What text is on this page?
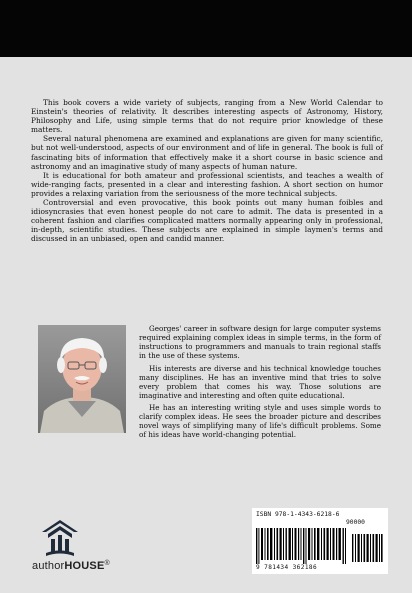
This book covers a wide variety of subjects, ranging from a New World Calendar to Einstein's theories of relativity. It describes interesting aspects of Astronomy, History, Philosophy and Life, using simple terms that do not require prior knowledge of these matters.

Several natural phenomena are examined and explanations are given for many scientific, but not well-understood, aspects of our environment and of life in general. The book is full of fascinating bits of information that effectively make it a short course in basic science and astronomy and an imaginative study of many aspects of human nature.

It is educational for both amateur and professional scientists, and teaches a wealth of wide-ranging facts, presented in a clear and interesting fashion. A short section on humor provides a relaxing variation from the seriousness of the more technical subjects.

Controversial and even provocative, this book points out many human foibles and idiosyncrasies that even honest people do not care to admit. The data is presented in a coherent fashion and clarifies complicated matters normally appearing only in professional, in-depth, scientific studies. These subjects are explained in simple laymen's terms and discussed in an unbiased, open and candid manner.

Georges' career in software design for large computer systems required explaining complex ideas in simple terms, in the form of instructions to programmers and manuals to train regional staffs in the use of these systems.

His interests are diverse and his technical knowledge touches many disciplines. He has an inventive mind that tries to solve every problem that comes his way. Those solutions are imaginative and interesting and often quite educational.

He has an interesting writing style and uses simple words to clarify complex ideas. He sees the broader picture and describes novel ways of simplifying many of life's difficult problems. Some of his ideas have world-changing potential.

authorHOUSE®
ISBN 978-1-4343-6218-6
90000
9 781434 362186
